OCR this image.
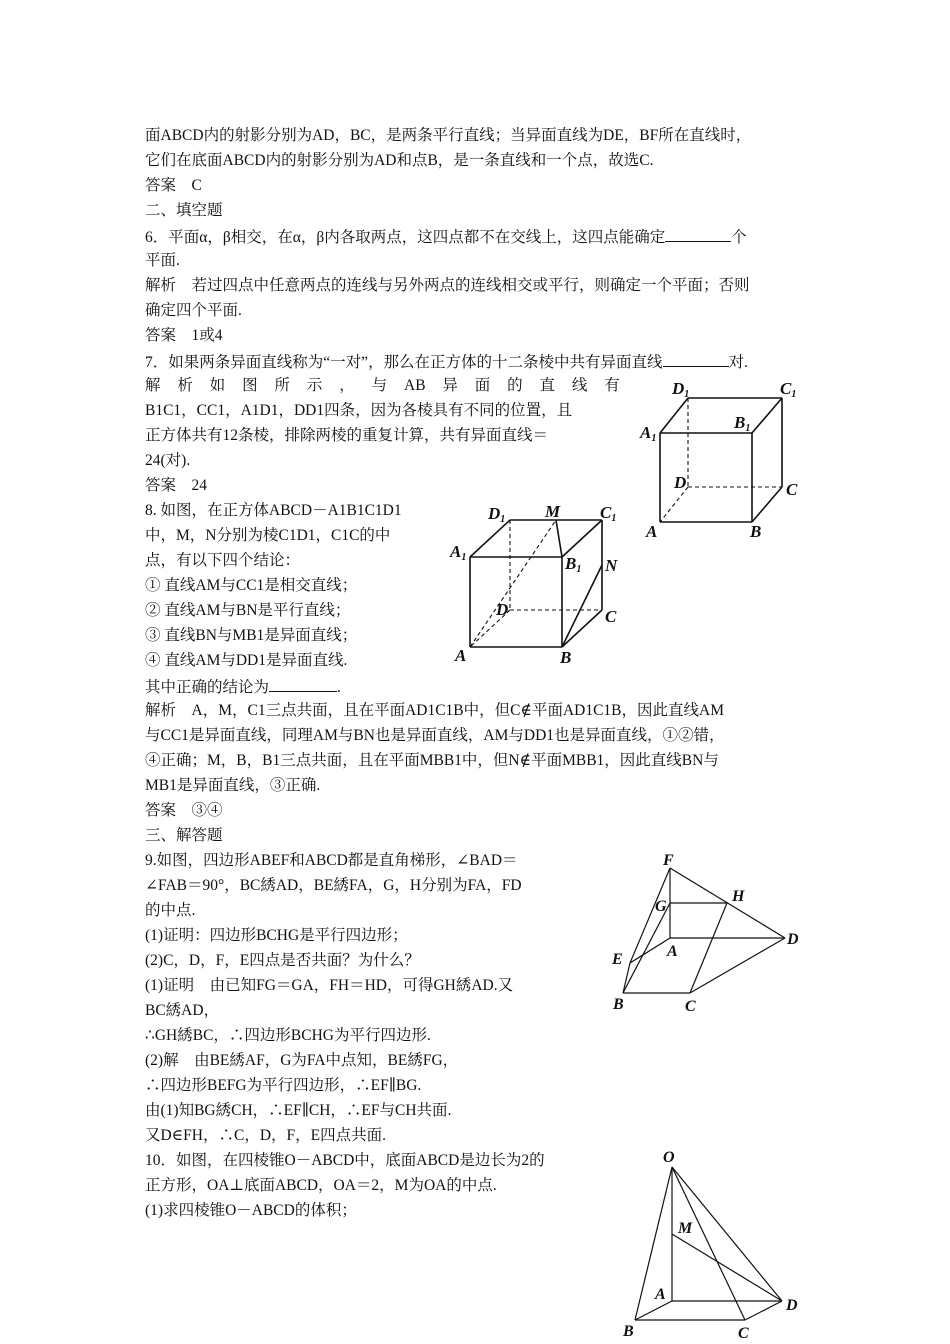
面ABCD内的射影分别为AD，BC，是两条平行直线；当异面直线为DE，BF所在直线时，
它们在底面ABCD内的射影分别为AD和点B，是一条直线和一个点，故选C.
答案　C
二、填空题
6．平面α，β相交，在α，β内各取两点，这四点都不在交线上，这四点能确定	个
平面.
解析　若过四点中任意两点的连线与另外两点的连线相交或平行，则确定一个平面；否则
确定四个平面.
答案　1或4
7．如果两条异面直线称为“一对”，那么在正方体的十二条棱中共有异面直线	对.
解 析 如 图 所 示 ， 与 AB 异 面 的 直 线 有
B1C1，CC1，A1D1，DD1四条，因为各棱具有不同的位置，且
正方体共有12条棱，排除两棱的重复计算，共有异面直线＝
24(对).
答案　24
8. 如图，在正方体ABCD－A1B1C1D1
中，M，N分别为棱C1D1，C1C的中
点，有以下四个结论：
① 直线AM与CC1是相交直线；
② 直线AM与BN是平行直线；
③ 直线BN与MB1是异面直线；
④ 直线AM与DD1是异面直线.
其中正确的结论为	.
解析　A，M，C1三点共面，且在平面AD1C1B中，但C∉平面AD1C1B，因此直线AM
与CC1是异面直线，同理AM与BN也是异面直线，AM与DD1也是异面直线，①②错，
④正确；M，B，B1三点共面，且在平面MBB1中，但N∉平面MBB1，因此直线BN与
MB1是异面直线，③正确.
答案　③④
三、解答题
9.如图，四边形ABEF和ABCD都是直角梯形，∠BAD＝
∠FAB＝90°，BC綉AD，BE綉FA，G，H分别为FA，FD
的中点.
(1)证明：四边形BCHG是平行四边形；
(2)C，D，F，E四点是否共面？为什么？
(1)证明　由已知FG＝GA，FH＝HD，可得GH綉AD.又
BC綉AD，
∴GH綉BC，∴四边形BCHG为平行四边形.
(2)解　由BE綉AF，G为FA中点知，BE綉FG，
∴四边形BEFG为平行四边形，∴EF∥BG.
由(1)知BG綉CH，∴EF∥CH，∴EF与CH共面.
又D∈FH，∴C，D，F，E四点共面.
10．如图，在四棱锥O－ABCD中，底面ABCD是边长为2的
正方形，OA⊥底面ABCD，OA＝2，M为OA的中点.
(1)求四棱锥O－ABCD的体积；
D1	C1
A1
B1
D	C
A	B
D1 M C1
A1	B1 N
D	C
A	B
F
G
H
D
E	A
B	C
O
M
A
D
B	C
